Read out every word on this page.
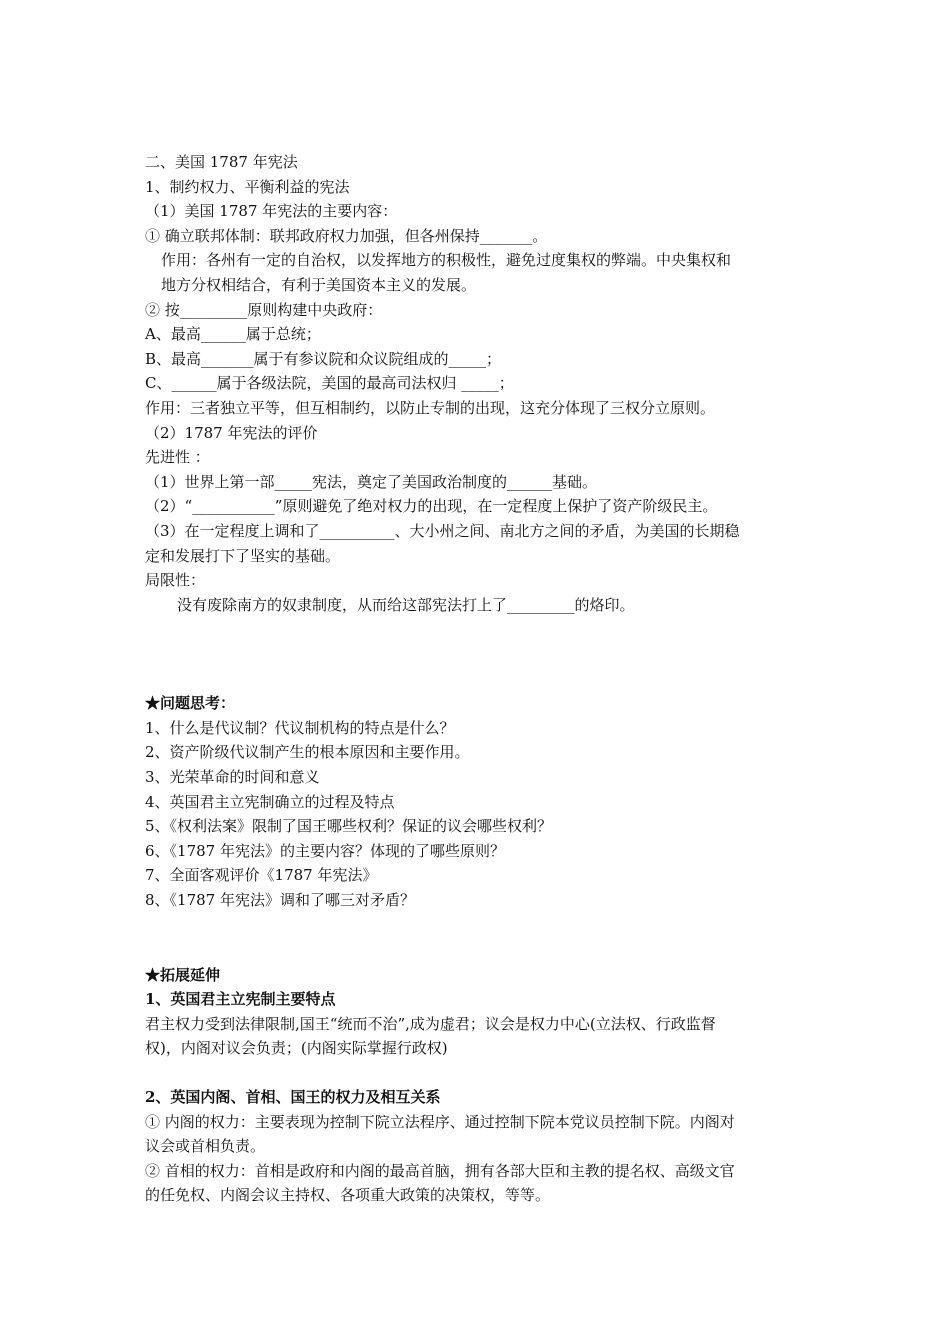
二、美国 1787 年宪法
1、制约权力、平衡利益的宪法
（1）美国 1787 年宪法的主要内容：
① 确立联邦体制：联邦政府权力加强，但各州保持_______。
作用：各州有一定的自治权，以发挥地方的积极性，避免过度集权的弊端。中央集权和
地方分权相结合，有利于美国资本主义的发展。
② 按_________原则构建中央政府：
A、最高______属于总统；
B、最高_______属于有参议院和众议院组成的_____；
C、______属于各级法院，美国的最高司法权归 _____；
作用：三者独立平等，但互相制约，以防止专制的出现，这充分体现了三权分立原则。
（2）1787 年宪法的评价
先进性 ：
（1）世界上第一部_____宪法，奠定了美国政治制度的______基础。
（2）“___________”原则避免了绝对权力的出现，在一定程度上保护了资产阶级民主。
（3）在一定程度上调和了__________、大小州之间、南北方之间的矛盾，为美国的长期稳
定和发展打下了坚实的基础。
局限性：
没有废除南方的奴隶制度，从而给这部宪法打上了_________的烙印。
★问题思考：
1、什么是代议制？代议制机构的特点是什么？
2、资产阶级代议制产生的根本原因和主要作用。
3、光荣革命的时间和意义
4、英国君主立宪制确立的过程及特点
5、《权利法案》限制了国王哪些权利？保证的议会哪些权利？
6、《1787 年宪法》的主要内容？体现的了哪些原则？
7、全面客观评价《1787 年宪法》
8、《1787 年宪法》调和了哪三对矛盾？
★拓展延伸
1、英国君主立宪制主要特点
君主权力受到法律限制,国王“统而不治”,成为虚君；议会是权力中心(立法权、行政监督
权)，内阁对议会负责；(内阁实际掌握行政权)
2、英国内阁、首相、国王的权力及相互关系
① 内阁的权力：主要表现为控制下院立法程序、通过控制下院本党议员控制下院。内阁对
议会或首相负责。
② 首相的权力：首相是政府和内阁的最高首脑，拥有各部大臣和主教的提名权、高级文官
的任免权、内阁会议主持权、各项重大政策的决策权，等等。
